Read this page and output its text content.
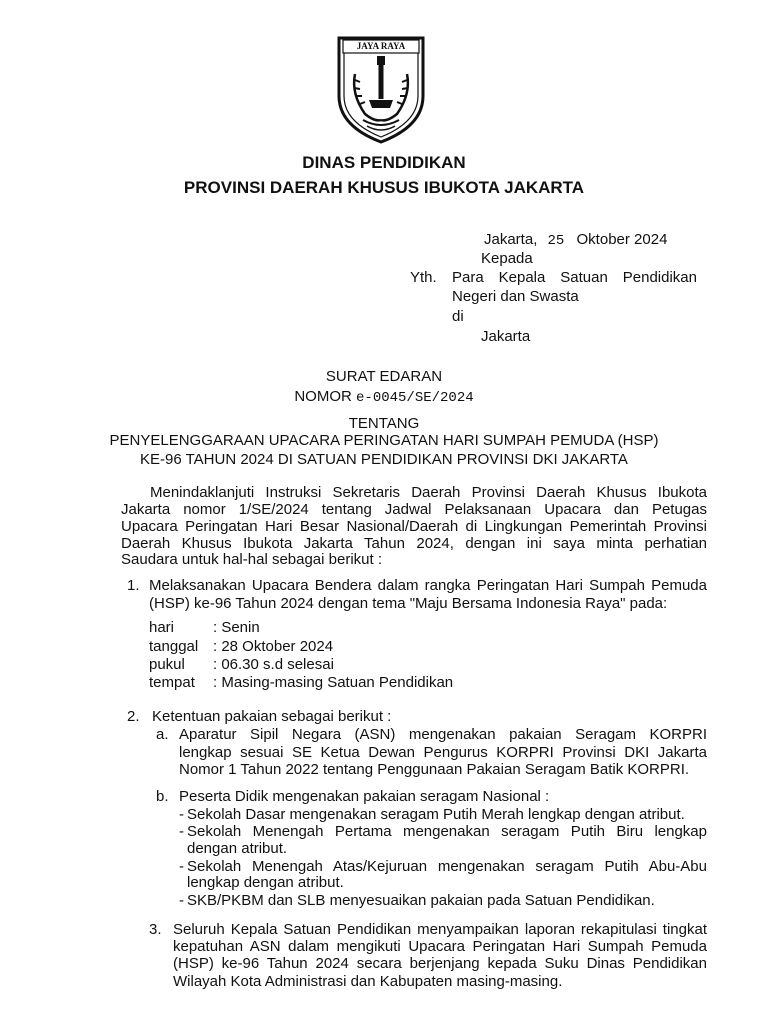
JAYA RAYA
DINAS PENDIDIKAN
PROVINSI DAERAH KHUSUS IBUKOTA JAKARTA
Jakarta, 25 Oktober 2024
Kepada
Yth. Para Kepala Satuan Pendidikan
Negeri dan Swasta
di
Jakarta
SURAT EDARAN
NOMOR e-0045/SE/2024
TENTANG
PENYELENGGARAAN UPACARA PERINGATAN HARI SUMPAH PEMUDA (HSP)
KE-96 TAHUN 2024 DI SATUAN PENDIDIKAN PROVINSI DKI JAKARTA
Menindaklanjuti Instruksi Sekretaris Daerah Provinsi Daerah Khusus Ibukota
Jakarta nomor 1/SE/2024 tentang Jadwal Pelaksanaan Upacara dan Petugas
Upacara Peringatan Hari Besar Nasional/Daerah di Lingkungan Pemerintah Provinsi
Daerah Khusus Ibukota Jakarta Tahun 2024, dengan ini saya minta perhatian
Saudara untuk hal-hal sebagai berikut :
1. Melaksanakan Upacara Bendera dalam rangka Peringatan Hari Sumpah Pemuda
(HSP) ke-96 Tahun 2024 dengan tema "Maju Bersama Indonesia Raya" pada:
hari	: Senin
tanggal : 28 Oktober 2024
pukul : 06.30 s.d selesai
tempat : Masing-masing Satuan Pendidikan
2. Ketentuan pakaian sebagai berikut :
a. Aparatur Sipil Negara (ASN) mengenakan pakaian Seragam KORPRI
lengkap sesuai SE Ketua Dewan Pengurus KORPRI Provinsi DKI Jakarta
Nomor 1 Tahun 2022 tentang Penggunaan Pakaian Seragam Batik KORPRI.
b. Peserta Didik mengenakan pakaian seragam Nasional :
- Sekolah Dasar mengenakan seragam Putih Merah lengkap dengan atribut.
- Sekolah Menengah Pertama mengenakan seragam Putih Biru lengkap
dengan atribut.
- Sekolah Menengah Atas/Kejuruan mengenakan seragam Putih Abu-Abu
lengkap dengan atribut.
- SKB/PKBM dan SLB menyesuaikan pakaian pada Satuan Pendidikan.
3. Seluruh Kepala Satuan Pendidikan menyampaikan laporan rekapitulasi tingkat
kepatuhan ASN dalam mengikuti Upacara Peringatan Hari Sumpah Pemuda
(HSP) ke-96 Tahun 2024 secara berjenjang kepada Suku Dinas Pendidikan
Wilayah Kota Administrasi dan Kabupaten masing-masing.
